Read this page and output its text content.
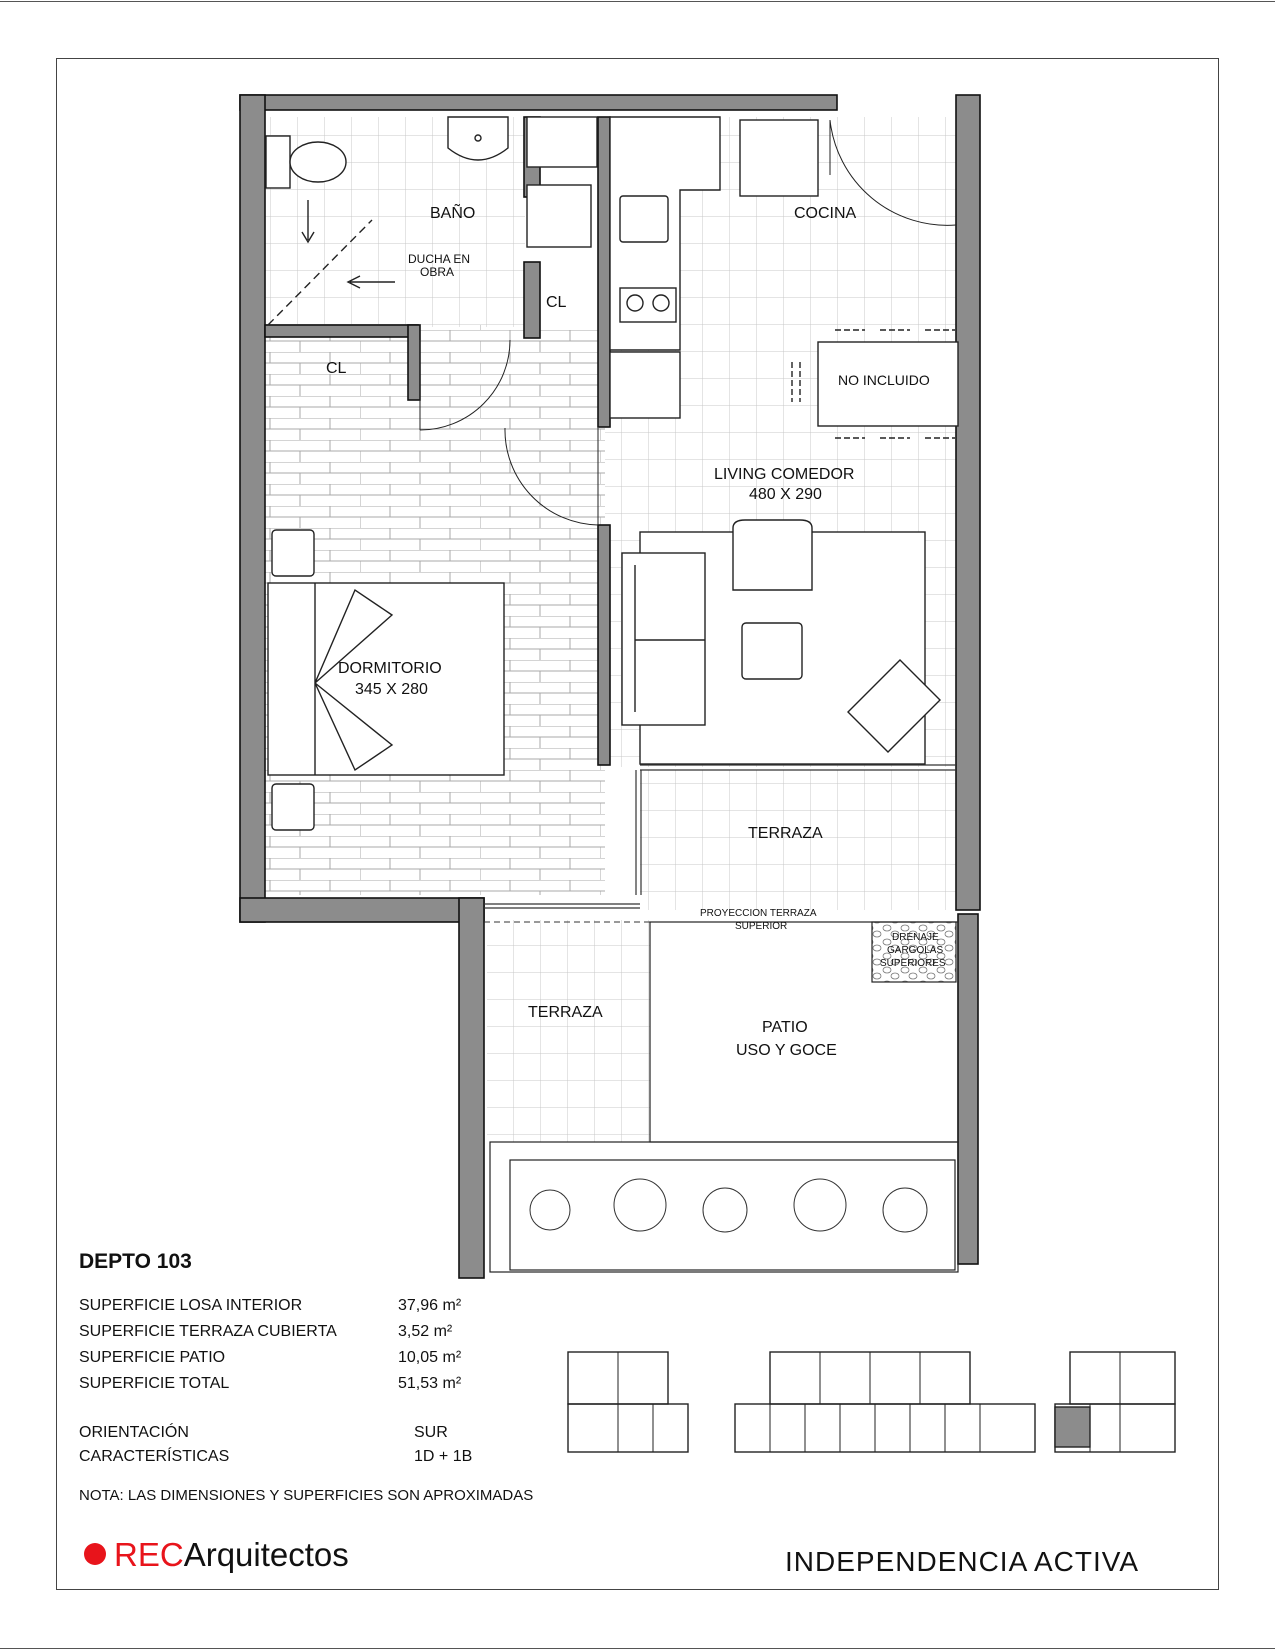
BAÑO
DUCHA EN
OBRA
CL
CL
COCINA
NO INCLUIDO
LIVING COMEDOR
480 X 290
DORMITORIO
345 X 280
TERRAZA
PROYECCION TERRAZA
SUPERIOR
DRENAJE
GARGOLAS
SUPERIORES
TERRAZA
PATIO
USO Y GOCE
DEPTO 103
SUPERFICIE LOSA INTERIOR	37,96 m²
SUPERFICIE TERRAZA CUBIERTA	3,52 m²
SUPERFICIE PATIO	10,05 m²
SUPERFICIE TOTAL	51,53 m²
ORIENTACIÓN	SUR
CARACTERÍSTICAS	1D + 1B
NOTA: LAS DIMENSIONES Y SUPERFICIES SON APROXIMADAS
RECArquitectos	INDEPENDENCIA ACTIVA
